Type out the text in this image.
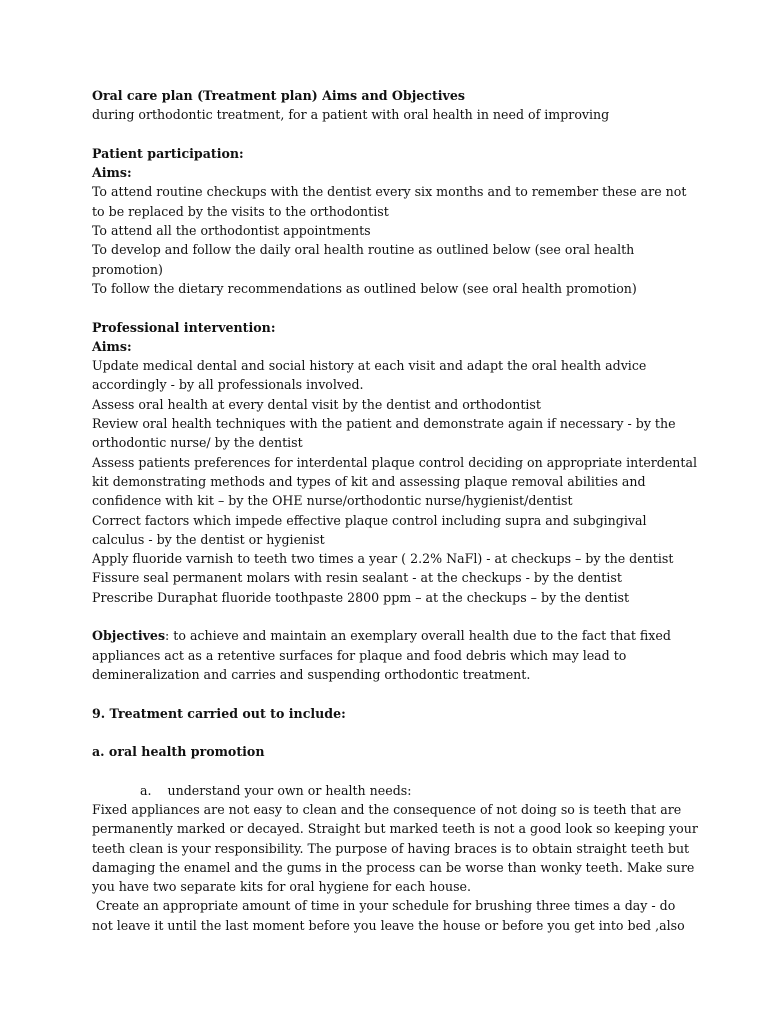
Oral care plan (Treatment plan) Aims and Objectives
during orthodontic treatment, for a patient with oral health in need of improving
Patient participation:
Aims:
To attend routine checkups with the dentist every six months and to remember these are not
to be replaced by the visits to the orthodontist
To attend all the orthodontist appointments
To develop and follow the daily oral health routine as outlined below (see oral health
promotion)
To follow the dietary recommendations as outlined below (see oral health promotion)
Professional intervention:
Aims:
Update medical dental and social history at each visit and adapt the oral health advice
accordingly - by all professionals involved.
Assess oral health at every dental visit by the dentist and orthodontist
Review oral health techniques with the patient and demonstrate again if necessary - by the
orthodontic nurse/ by the dentist
Assess patients preferences for interdental plaque control deciding on appropriate interdental
kit demonstrating methods and types of kit and assessing plaque removal abilities and
confidence with kit – by the OHE nurse/orthodontic nurse/hygienist/dentist
Correct factors which impede effective plaque control including supra and subgingival
calculus - by the dentist or hygienist
Apply fluoride varnish to teeth two times a year ( 2.2% NaFl) - at checkups – by the dentist
Fissure seal permanent molars with resin sealant - at the checkups - by the dentist
Prescribe Duraphat fluoride toothpaste 2800 ppm – at the checkups – by the dentist
Objectives: to achieve and maintain an exemplary overall health due to the fact that fixed
appliances act as a retentive surfaces for plaque and food debris which may lead to
demineralization and carries and suspending orthodontic treatment.
9. Treatment carried out to include:
a. oral health promotion
a.    understand your own or health needs:
Fixed appliances are not easy to clean and the consequence of not doing so is teeth that are
permanently marked or decayed. Straight but marked teeth is not a good look so keeping your
teeth clean is your responsibility. The purpose of having braces is to obtain straight teeth but
damaging the enamel and the gums in the process can be worse than wonky teeth. Make sure
you have two separate kits for oral hygiene for each house.
Create an appropriate amount of time in your schedule for brushing three times a day - do
not leave it until the last moment before you leave the house or before you get into bed ,also
